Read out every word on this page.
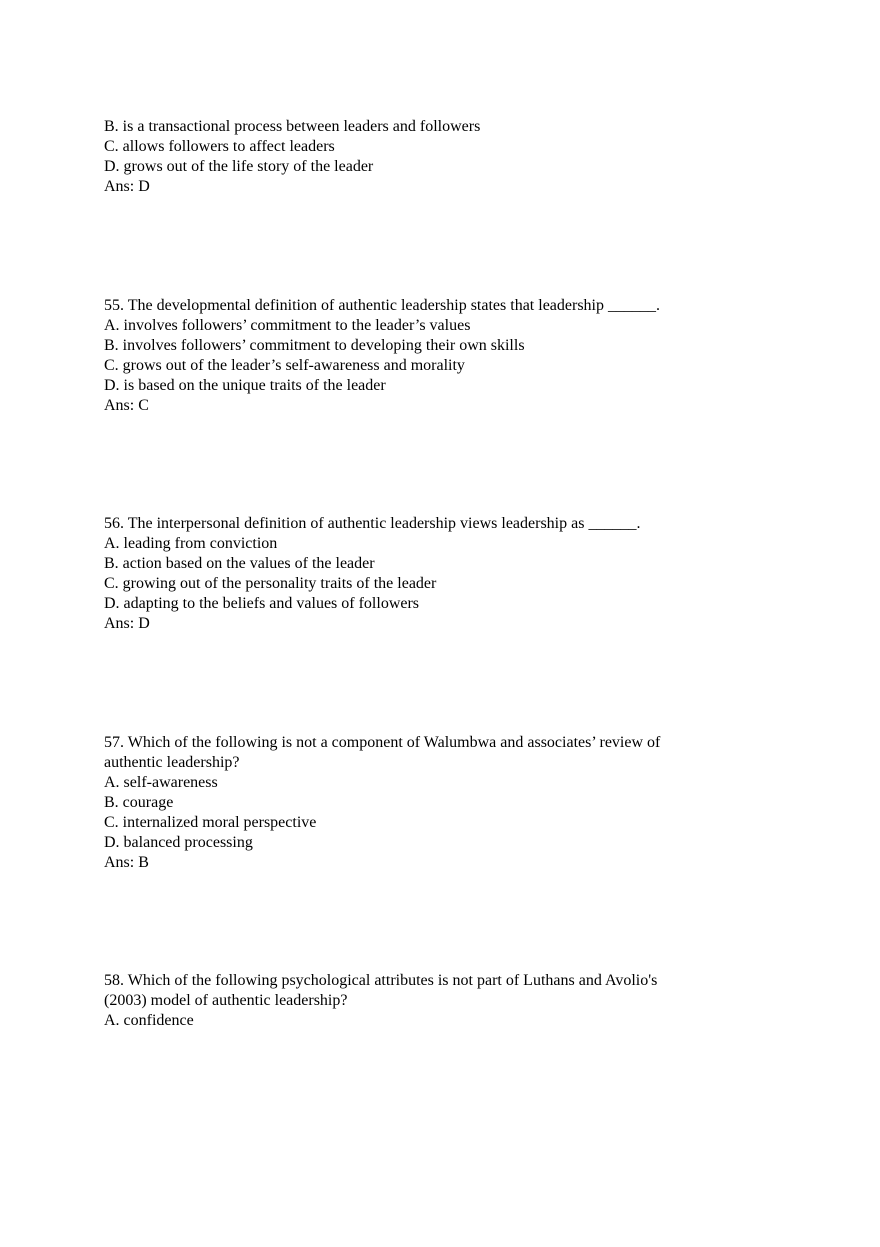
B. is a transactional process between leaders and followers
C. allows followers to affect leaders
D. grows out of the life story of the leader
Ans: D
55. The developmental definition of authentic leadership states that leadership ______.
A. involves followers’ commitment to the leader’s values
B. involves followers’ commitment to developing their own skills
C. grows out of the leader’s self-awareness and morality
D. is based on the unique traits of the leader
Ans: C
56. The interpersonal definition of authentic leadership views leadership as ______.
A. leading from conviction
B. action based on the values of the leader
C. growing out of the personality traits of the leader
D. adapting to the beliefs and values of followers
Ans: D
57. Which of the following is not a component of Walumbwa and associates’ review of
authentic leadership?
A. self-awareness
B. courage
C. internalized moral perspective
D. balanced processing
Ans: B
58. Which of the following psychological attributes is not part of Luthans and Avolio's
(2003) model of authentic leadership?
A. confidence
